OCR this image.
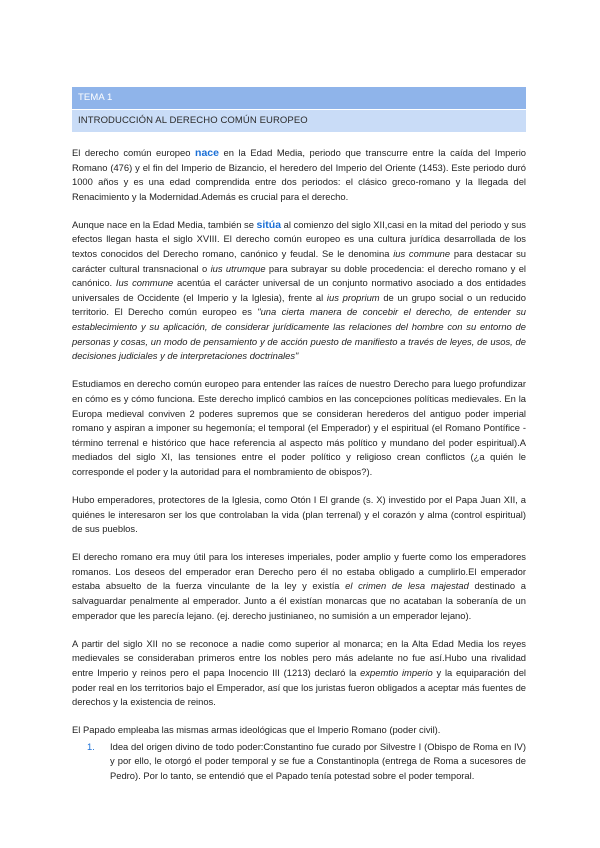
TEMA 1
INTRODUCCIÓN AL DERECHO COMÚN EUROPEO

El derecho común europeo nace en la Edad Media, periodo que transcurre entre la caída del Imperio Romano (476) y el fin del Imperio de Bizancio, el heredero del Imperio del Oriente (1453). Este periodo duró 1000 años y es una edad comprendida entre dos periodos: el clásico greco-romano y la llegada del Renacimiento y la Modernidad.Además es crucial para el derecho.

Aunque nace en la Edad Media, también se sitúa al comienzo del siglo XII,casi en la mitad del periodo y sus efectos llegan hasta el siglo XVIII. El derecho común europeo es una cultura jurídica desarrollada de los textos conocidos del Derecho romano, canónico y feudal. Se le denomina ius commune para destacar su carácter cultural transnacional o ius utrumque para subrayar su doble procedencia: el derecho romano y el canónico. Ius commune acentúa el carácter universal de un conjunto normativo asociado a dos entidades universales de Occidente (el Imperio y la Iglesia), frente al ius proprium de un grupo social o un reducido territorio. El Derecho común europeo es "una cierta manera de concebir el derecho, de entender su establecimiento y su aplicación, de considerar jurídicamente las relaciones del hombre con su entorno de personas y cosas, un modo de pensamiento y de acción puesto de manifiesto a través de leyes, de usos, de decisiones judiciales y de interpretaciones doctrinales"

Estudiamos en derecho común europeo para entender las raíces de nuestro Derecho para luego profundizar en cómo es y cómo funciona. Este derecho implicó cambios en las concepciones políticas medievales. En la Europa medieval conviven 2 poderes supremos que se consideran herederos del antiguo poder imperial romano y aspiran a imponer su hegemonía; el temporal (el Emperador) y el espiritual (el Romano Pontífice - término terrenal e histórico que hace referencia al aspecto más político y mundano del poder espiritual).A mediados del siglo XI, las tensiones entre el poder político y religioso crean conflictos (¿a quién le corresponde el poder y la autoridad para el nombramiento de obispos?).

Hubo emperadores, protectores de la Iglesia, como Otón I El grande (s. X) investido por el Papa Juan XII, a quiénes le interesaron ser los que controlaban la vida (plan terrenal) y el corazón y alma (control espiritual) de sus pueblos.

El derecho romano era muy útil para los intereses imperiales, poder amplio y fuerte como los emperadores romanos. Los deseos del emperador eran Derecho pero él no estaba obligado a cumplirlo.El emperador estaba absuelto de la fuerza vinculante de la ley y existía el crimen de lesa majestad destinado a salvaguardar penalmente al emperador. Junto a él existían monarcas que no acataban la soberanía de un emperador que les parecía lejano. (ej. derecho justinianeo, no sumisión a un emperador lejano).

A partir del siglo XII no se reconoce a nadie como superior al monarca; en la Alta Edad Media los reyes medievales se consideraban primeros entre los nobles pero más adelante no fue así.Hubo una rivalidad entre Imperio y reinos pero el papa Inocencio III (1213) declaró la expemtio imperio y la equiparación del poder real en los territorios bajo el Emperador, así que los juristas fueron obligados a aceptar más fuentes de derechos y la existencia de reinos.

El Papado empleaba las mismas armas ideológicas que el Imperio Romano (poder civil).

1. Idea del origen divino de todo poder:Constantino fue curado por Silvestre I (Obispo de Roma en IV) y por ello, le otorgó el poder temporal y se fue a Constantinopla (entrega de Roma a sucesores de Pedro). Por lo tanto, se entendió que el Papado tenía potestad sobre el poder temporal.
